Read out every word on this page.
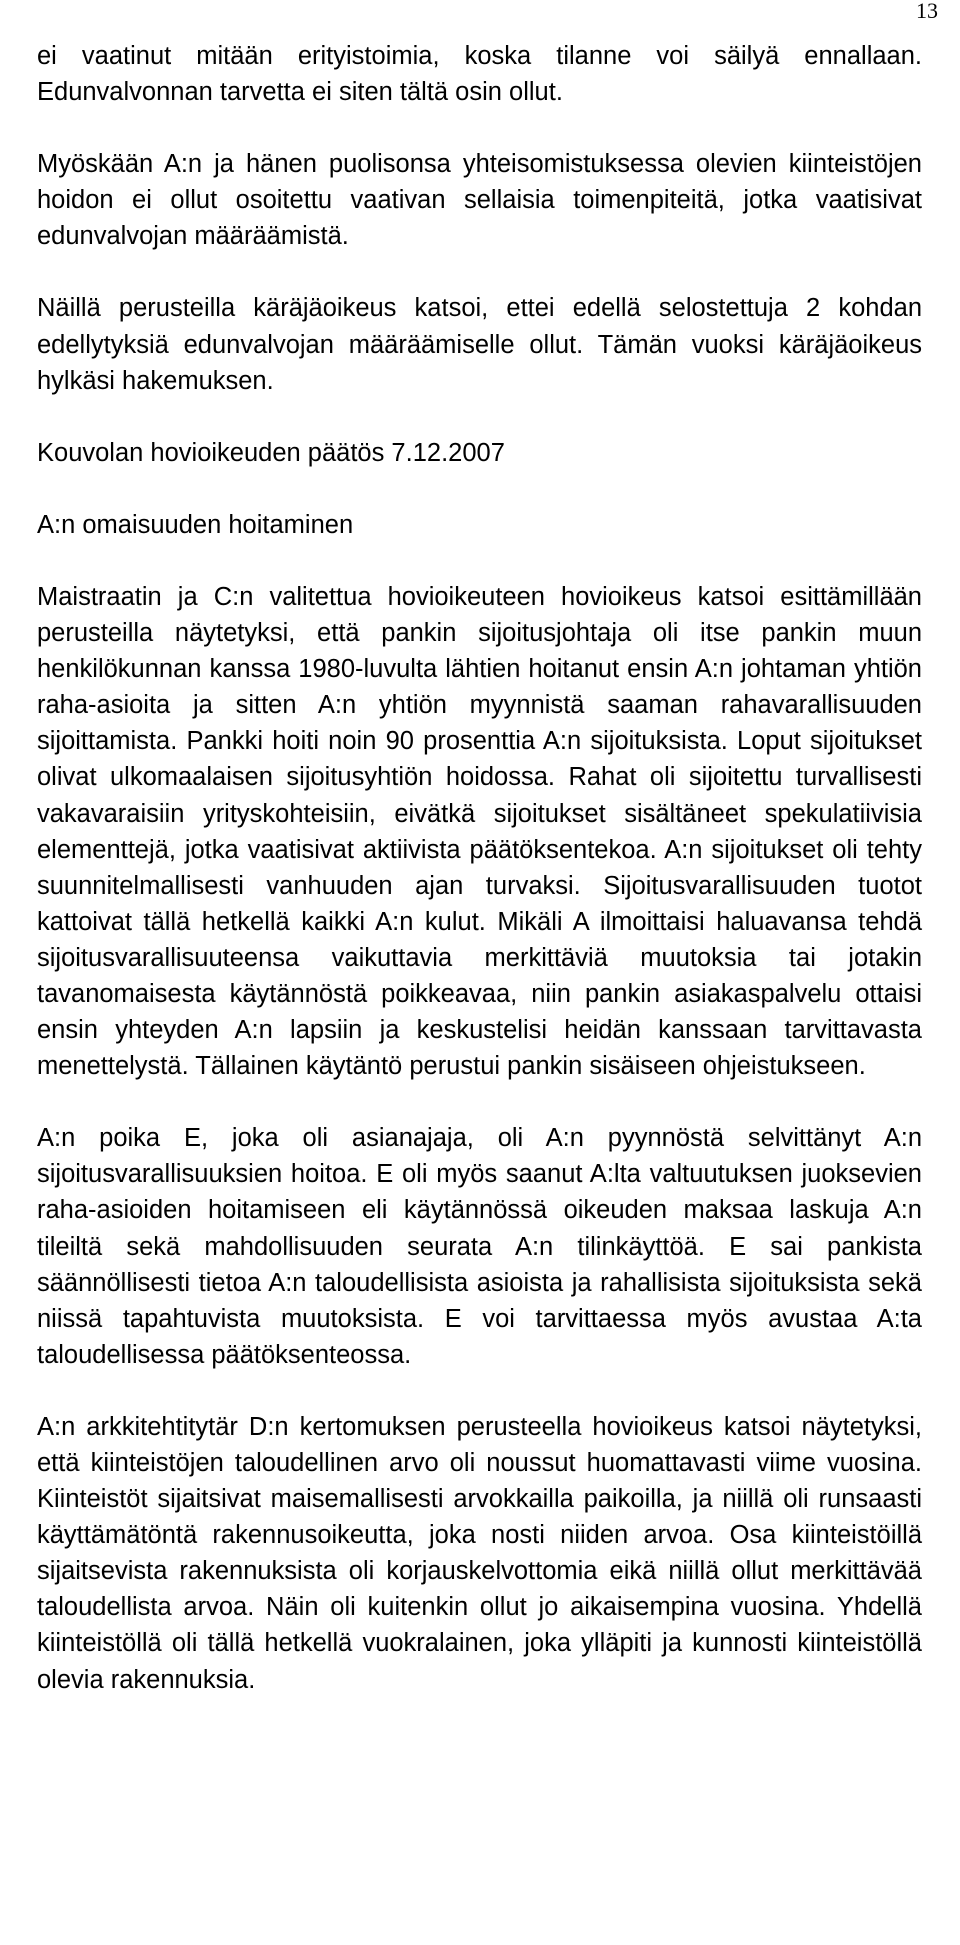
13

ei vaatinut mitään erityistoimia, koska tilanne voi säilyä ennallaan. Edunvalvonnan tarvetta ei siten tältä osin ollut.

Myöskään A:n ja hänen puolisonsa yhteisomistuksessa olevien kiinteistöjen hoidon ei ollut osoitettu vaativan sellaisia toimenpiteitä, jotka vaatisivat edunvalvojan määräämistä.

Näillä perusteilla käräjäoikeus katsoi, ettei edellä selostettuja 2 kohdan edellytyksiä edunvalvojan määräämiselle ollut. Tämän vuoksi käräjäoikeus hylkäsi hakemuksen.

Kouvolan hovioikeuden päätös 7.12.2007

A:n omaisuuden hoitaminen

Maistraatin ja C:n valitettua hovioikeuteen hovioikeus katsoi esittämillään perusteilla näytetyksi, että pankin sijoitusjohtaja oli itse pankin muun henkilökunnan kanssa 1980-luvulta lähtien hoitanut ensin A:n johtaman yhtiön raha-asioita ja sitten A:n yhtiön myynnistä saaman rahavarallisuuden sijoittamista. Pankki hoiti noin 90 prosenttia A:n sijoituksista. Loput sijoitukset olivat ulkomaalaisen sijoitusyhtiön hoidossa. Rahat oli sijoitettu turvallisesti vakavaraisiin yrityskohteisiin, eivätkä sijoitukset sisältäneet spekulatiivisia elementtejä, jotka vaatisivat aktiivista päätöksentekoa. A:n sijoitukset oli tehty suunnitelmallisesti vanhuuden ajan turvaksi. Sijoitusvarallisuuden tuotot kattoivat tällä hetkellä kaikki A:n kulut. Mikäli A ilmoittaisi haluavansa tehdä sijoitusvarallisuuteensa vaikuttavia merkittäviä muutoksia tai jotakin tavanomaisesta käytännöstä poikkeavaa, niin pankin asiakaspalvelu ottaisi ensin yhteyden A:n lapsiin ja keskustelisi heidän kanssaan tarvittavasta menettelystä. Tällainen käytäntö perustui pankin sisäiseen ohjeistukseen.

A:n poika E, joka oli asianajaja, oli A:n pyynnöstä selvittänyt A:n sijoitusvarallisuuksien hoitoa. E oli myös saanut A:lta valtuutuksen juoksevien raha-asioiden hoitamiseen eli käytännössä oikeuden maksaa laskuja A:n tileiltä sekä mahdollisuuden seurata A:n tilinkäyttöä. E sai pankista säännöllisesti tietoa A:n taloudellisista asioista ja rahallisista sijoituksista sekä niissä tapahtuvista muutoksista. E voi tarvittaessa myös avustaa A:ta taloudellisessa päätöksenteossa.

A:n arkkitehtitytär D:n kertomuksen perusteella hovioikeus katsoi näytetyksi, että kiinteistöjen taloudellinen arvo oli noussut huomattavasti viime vuosina. Kiinteistöt sijaitsivat maisemallisesti arvokkailla paikoilla, ja niillä oli runsaasti käyttämätöntä rakennusoikeutta, joka nosti niiden arvoa. Osa kiinteistöillä sijaitsevista rakennuksista oli korjauskelvottomia eikä niillä ollut merkittävää taloudellista arvoa. Näin oli kuitenkin ollut jo aikaisempina vuosina. Yhdellä kiinteistöllä oli tällä hetkellä vuokralainen, joka ylläpiti ja kunnosti kiinteistöllä olevia rakennuksia.
